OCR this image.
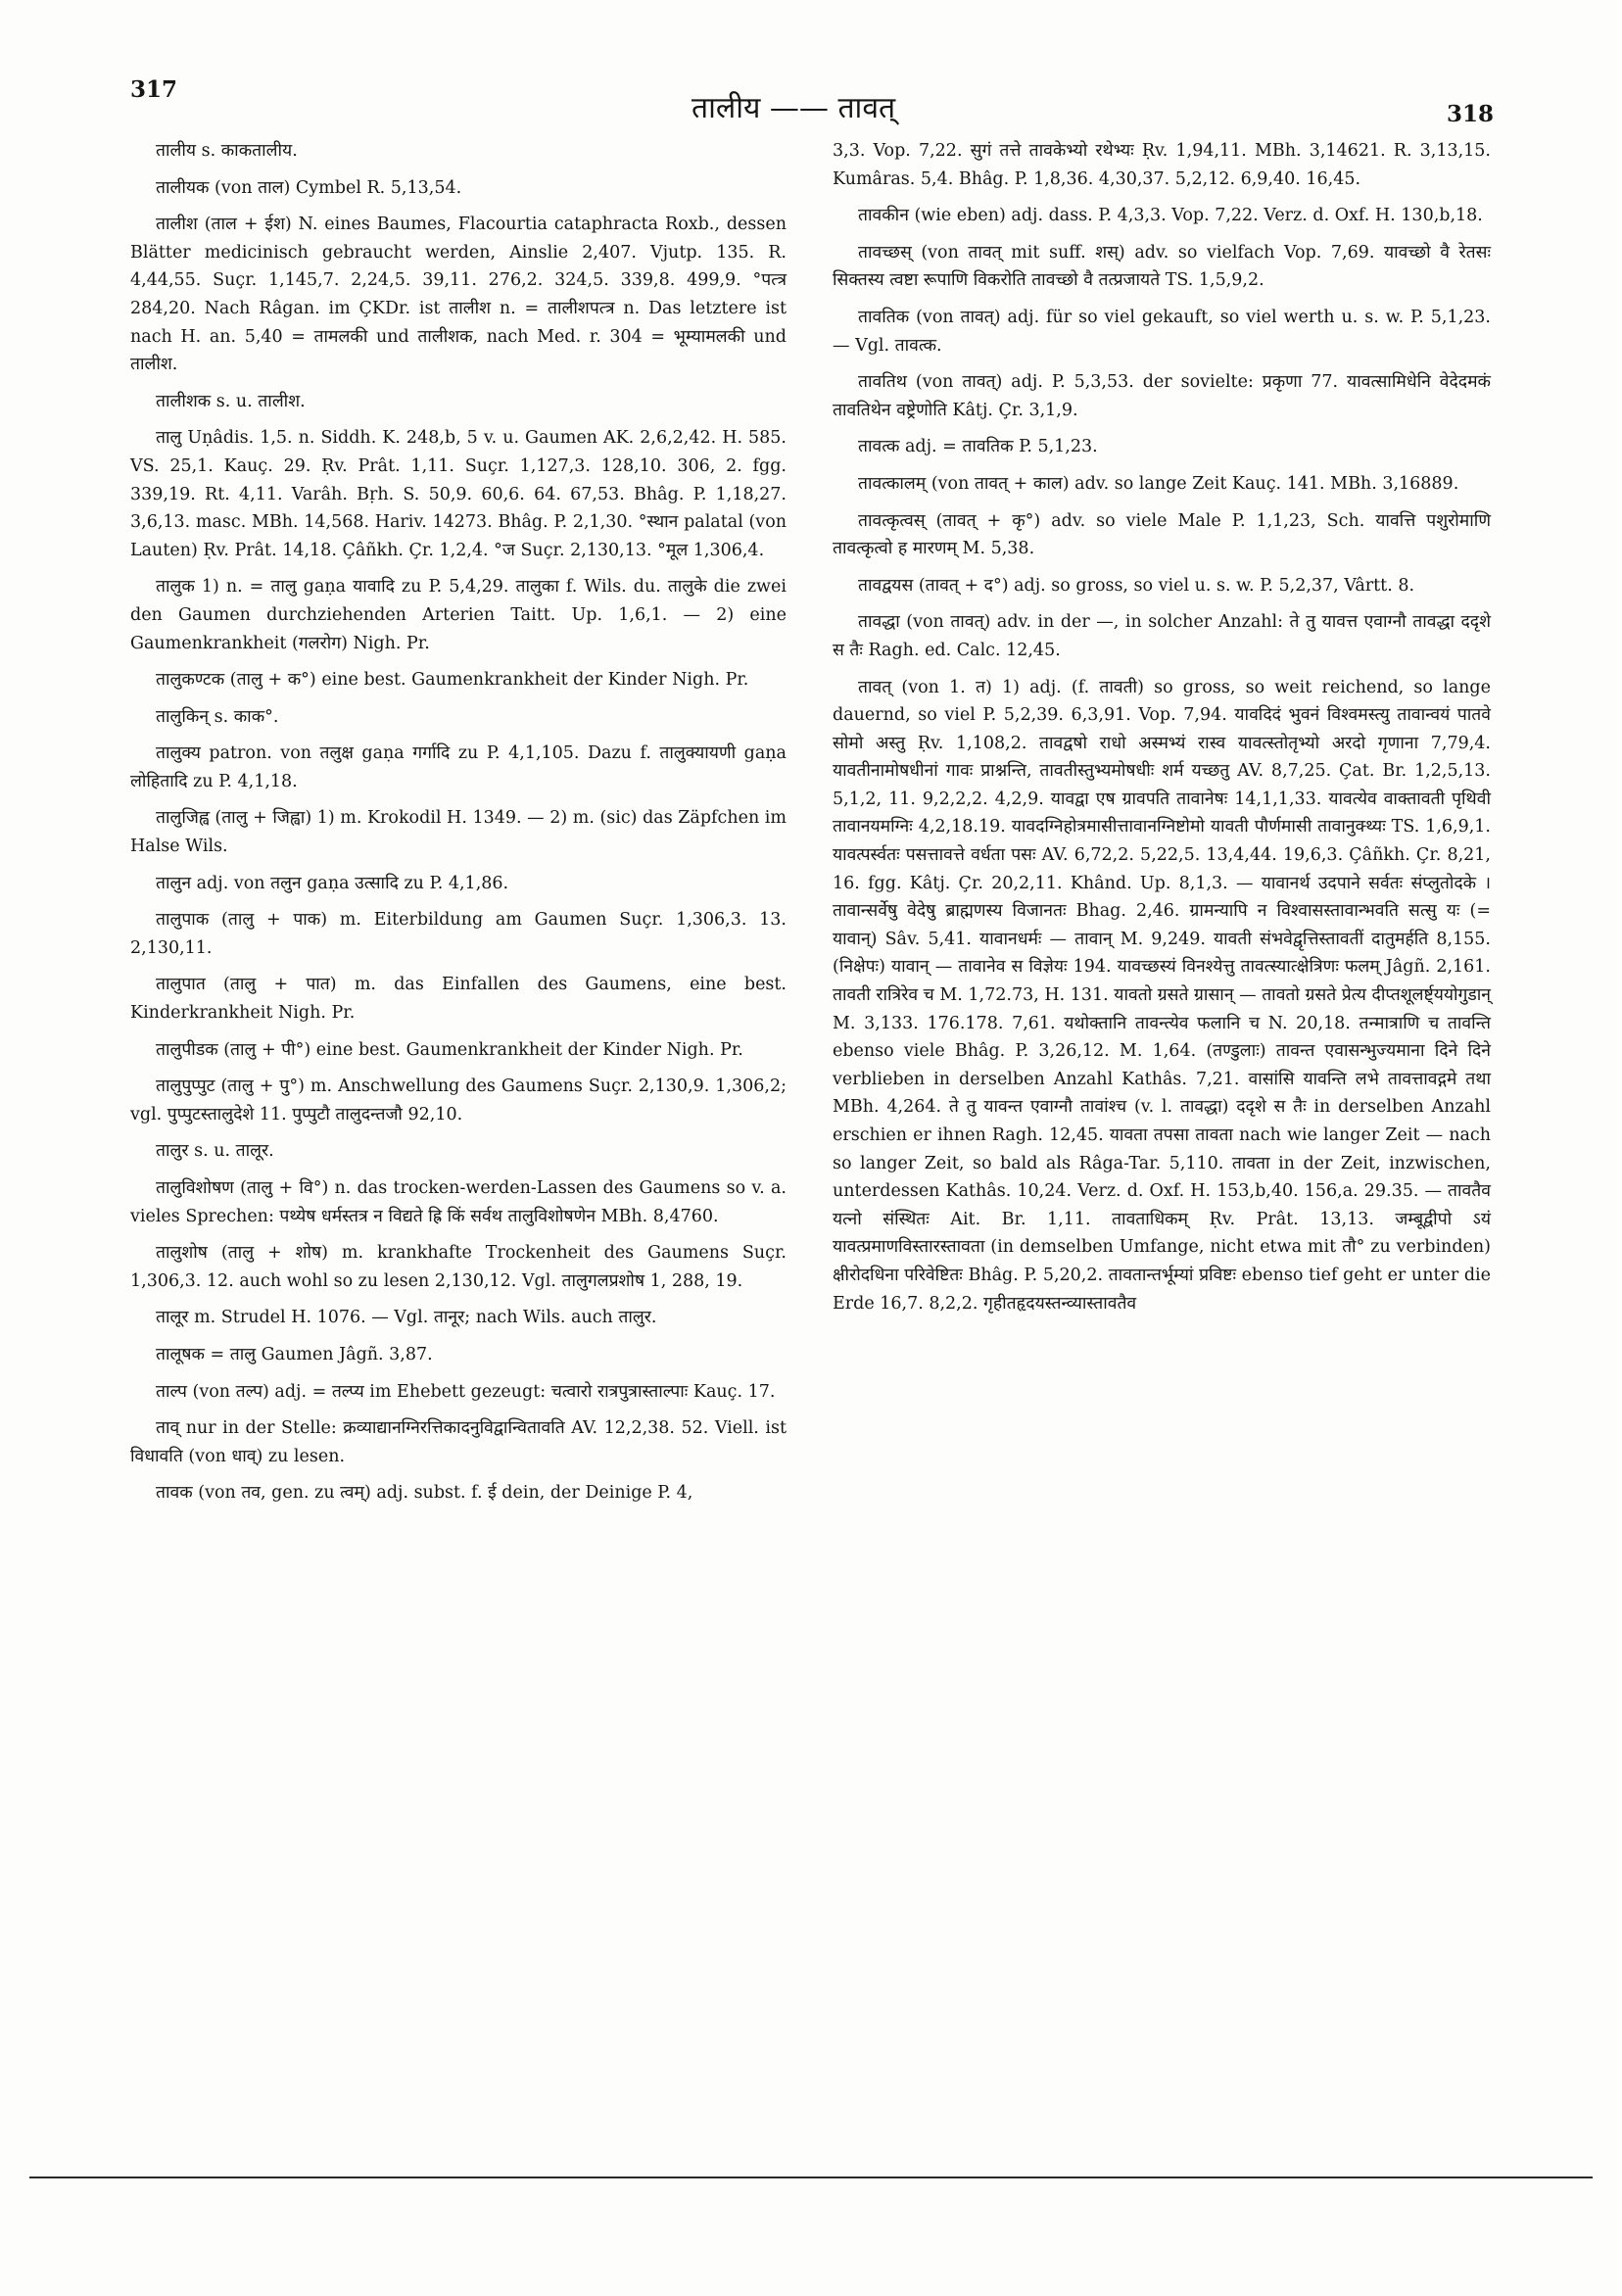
317
तालीय —— तावत्	318

तालीय s. काकतालीय.

तालीयक (von ताल) Cymbel R. 5,13,54.

तालीश (ताल + ईश) N. eines Baumes, Flacourtia cataphracta Roxb., dessen Blätter medicinisch gebraucht werden, Ainslie 2,407. Vjutp. 135. R. 4,44,55. Suçr. 1,145,7. 2,24,5. 39,11. 276,2. 324,5. 339,8. 499,9. °पत्त्र 284,20. Nach Râgan. im ÇKDr. ist तालीश n. = तालीशपत्त्र n. Das letztere ist nach H. an. 5,40 = तामलकी und तालीशक, nach Med. r. 304 = भूम्यामलकी und तालीश.

तालीशक s. u. तालीश.

तालु Uṇâdis. 1,5. n. Siddh. K. 248,b, 5 v. u. Gaumen AK. 2,6,2,42. H. 585. VS. 25,1. Kauç. 29. Ṛv. Prât. 1,11. Suçr. 1,127,3. 128,10. 306, 2. fgg. 339,19. Rt. 4,11. Varâh. Bṛh. S. 50,9. 60,6. 64. 67,53. Bhâg. P. 1,18,27. 3,6,13. masc. MBh. 14,568. Hariv. 14273. Bhâg. P. 2,1,30. °स्थान palatal (von Lauten) Ṛv. Prât. 14,18. Çâñkh. Çr. 1,2,4. °ज Suçr. 2,130,13. °मूल 1,306,4.

तालुक 1) n. = तालु gaṇa यावादि zu P. 5,4,29. तालुका f. Wils. du. तालुके die zwei den Gaumen durchziehenden Arterien Taitt. Up. 1,6,1. — 2) eine Gaumenkrankheit (गलरोग) Nigh. Pr.

तालुकण्टक (तालु + क°) eine best. Gaumenkrankheit der Kinder Nigh. Pr.

तालुकिन् s. काक°.

तालुक्य patron. von तलुक्ष gaṇa गर्गादि zu P. 4,1,105. Dazu f. तालुक्यायणी gaṇa लोहितादि zu P. 4,1,18.

तालुजिह्व (तालु + जिह्वा) 1) m. Krokodil H. 1349. — 2) m. (sic) das Zäpfchen im Halse Wils.

तालुन adj. von तलुन gaṇa उत्सादि zu P. 4,1,86.

तालुपाक (तालु + पाक) m. Eiterbildung am Gaumen Suçr. 1,306,3. 13. 2,130,11.

तालुपात (तालु + पात) m. das Einfallen des Gaumens, eine best. Kinderkrankheit Nigh. Pr.

तालुपीडक (तालु + पी°) eine best. Gaumenkrankheit der Kinder Nigh. Pr.

तालुपुप्पुट (तालु + पु°) m. Anschwellung des Gaumens Suçr. 2,130,9. 1,306,2; vgl. पुप्पुटस्तालुदेशे 11. पुप्पुटौ तालुदन्तजौ 92,10.

तालुर s. u. तालूर.

तालुविशोषण (तालु + वि°) n. das trocken-werden-Lassen des Gaumens so v. a. vieles Sprechen: पथ्येष धर्मस्तत्र न विद्यते ह्रि किं सर्वथ तालुविशोषणेन MBh. 8,4760.

तालुशोष (तालु + शोष) m. krankhafte Trockenheit des Gaumens Suçr. 1,306,3. 12. auch wohl so zu lesen 2,130,12. Vgl. तालुगलप्रशोष 1, 288, 19.

तालूर m. Strudel H. 1076. — Vgl. तानूर; nach Wils. auch तालुर.

तालूषक = तालु Gaumen Jâgñ. 3,87.

ताल्प (von तल्प) adj. = तल्प्य im Ehebett gezeugt: चत्वारो रात्रपुत्रास्ताल्पाः Kauç. 17.

ताव् nur in der Stelle: क्रव्याद्यानग्निरत्तिकादनुविद्वान्वितावति AV. 12,2,38. 52. Viell. ist विधावति (von धाव्) zu lesen.

तावक (von तव, gen. zu त्वम्) adj. subst. f. ई dein, der Deinige P. 4,

3,3. Vop. 7,22. सुगं तत्ते तावकेभ्यो रथेभ्यः Ṛv. 1,94,11. MBh. 3,14621. R. 3,13,15. Kumâras. 5,4. Bhâg. P. 1,8,36. 4,30,37. 5,2,12. 6,9,40. 16,45.

तावकीन (wie eben) adj. dass. P. 4,3,3. Vop. 7,22. Verz. d. Oxf. H. 130,b,18.

तावच्छस् (von तावत् mit suff. शस्) adv. so vielfach Vop. 7,69. यावच्छो वै रेतसः सिक्तस्य त्वष्टा रूपाणि विकरोति तावच्छो वै तत्प्रजायते TS. 1,5,9,2.

तावतिक (von तावत्) adj. für so viel gekauft, so viel werth u. s. w. P. 5,1,23. — Vgl. तावत्क.

तावतिथ (von तावत्) adj. P. 5,3,53. der sovielte: प्रकृणा 77. यावत्सामिधेनि वेदेदमकं तावतिथेन वष्ट्रेणोति Kâtj. Çr. 3,1,9.

तावत्क adj. = तावतिक P. 5,1,23.

तावत्कालम् (von तावत् + काल) adv. so lange Zeit Kauç. 141. MBh. 3,16889.

तावत्कृत्वस् (तावत् + कृ°) adv. so viele Male P. 1,1,23, Sch. यावत्ति पशुरोमाणि तावत्कृत्वो ह मारणम् M. 5,38.

तावद्वयस (तावत् + द°) adj. so gross, so viel u. s. w. P. 5,2,37, Vârtt. 8.

तावद्धा (von तावत्) adv. in der —, in solcher Anzahl: ते तु यावत्त एवाग्नौ तावद्धा ददृशे स तैः Ragh. ed. Calc. 12,45.

तावत् (von 1. त) 1) adj. (f. तावती) so gross, so weit reichend, so lange dauernd, so viel P. 5,2,39. 6,3,91. Vop. 7,94. यावदिदं भुवनं विश्वमस्त्यु तावान्वयं पातवे सोमो अस्तु Ṛv. 1,108,2. तावद्वषो राधो अस्मभ्यं रास्व यावत्स्तोतृभ्यो अरदो गृणाना 7,79,4. यावतीनामोषधीनां गावः प्राश्नन्ति, तावतीस्तुभ्यमोषधीः शर्म यच्छतु AV. 8,7,25. Çat. Br. 1,2,5,13. 5,1,2, 11. 9,2,2,2. 4,2,9. यावद्वा एष ग्रावपति तावानेषः 14,1,1,33. यावत्येव वाक्तावती पृथिवी तावानयमग्निः 4,2,18.19. यावदग्निहोत्रमासीत्तावानग्निष्टोमो यावती पौर्णमासी तावानुक्थ्यः TS. 1,6,9,1. यावत्पर्स्वतः पसत्तावत्ते वर्धता पसः AV. 6,72,2. 5,22,5. 13,4,44. 19,6,3. Çâñkh. Çr. 8,21, 16. fgg. Kâtj. Çr. 20,2,11. Khând. Up. 8,1,3. — यावानर्थ उदपाने सर्वतः संप्लुतोदके । तावान्सर्वेषु वेदेषु ब्राह्मणस्य विजानतः Bhag. 2,46. ग्रामन्यापि न विश्वासस्तावान्भवति सत्सु यः (= यावान्) Sâv. 5,41. यावानधर्मः — तावान् M. 9,249. यावती संभवेद्वृत्तिस्तावतीं दातुमर्हति 8,155. (निक्षेपः) यावान् — तावानेव स विज्ञेयः 194. यावच्छस्यं विनश्येत्तु तावत्स्यात्क्षेत्रिणः फलम् Jâgñ. 2,161. तावती रात्रिरेव च M. 1,72.73, H. 131. यावतो ग्रसते ग्रासान् — तावतो ग्रसते प्रेत्य दीप्तशूलर्ष्ट्ययोगुडान् M. 3,133. 176.178. 7,61. यथोक्तानि तावन्त्येव फलानि च N. 20,18. तन्मात्राणि च तावन्ति ebenso viele Bhâg. P. 3,26,12. M. 1,64. (तण्डुलाः) तावन्त एवासन्भुज्यमाना दिने दिने verblieben in derselben Anzahl Kathâs. 7,21. वासांसि यावन्ति लभे तावत्तावद्गमे तथा MBh. 4,264. ते तु यावन्त एवाग्नौ तावांश्च (v. l. तावद्धा) ददृशे स तैः in derselben Anzahl erschien er ihnen Ragh. 12,45. यावता तपसा तावता nach wie langer Zeit — nach so langer Zeit, so bald als Râga-Tar. 5,110. तावता in der Zeit, inzwischen, unterdessen Kathâs. 10,24. Verz. d. Oxf. H. 153,b,40. 156,a. 29.35. — तावतैव यत्नो संस्थितः Ait. Br. 1,11. तावताधिकम् Ṛv. Prât. 13,13. जम्बूद्वीपो ऽयं यावत्प्रमाणविस्तारस्तावता (in demselben Umfange, nicht etwa mit तौ° zu verbinden) क्षीरोदधिना परिवेष्टितः Bhâg. P. 5,20,2. तावतान्तर्भूम्यां प्रविष्टः ebenso tief geht er unter die Erde 16,7. 8,2,2. गृहीतहृदयस्तन्व्यास्तावतैव
